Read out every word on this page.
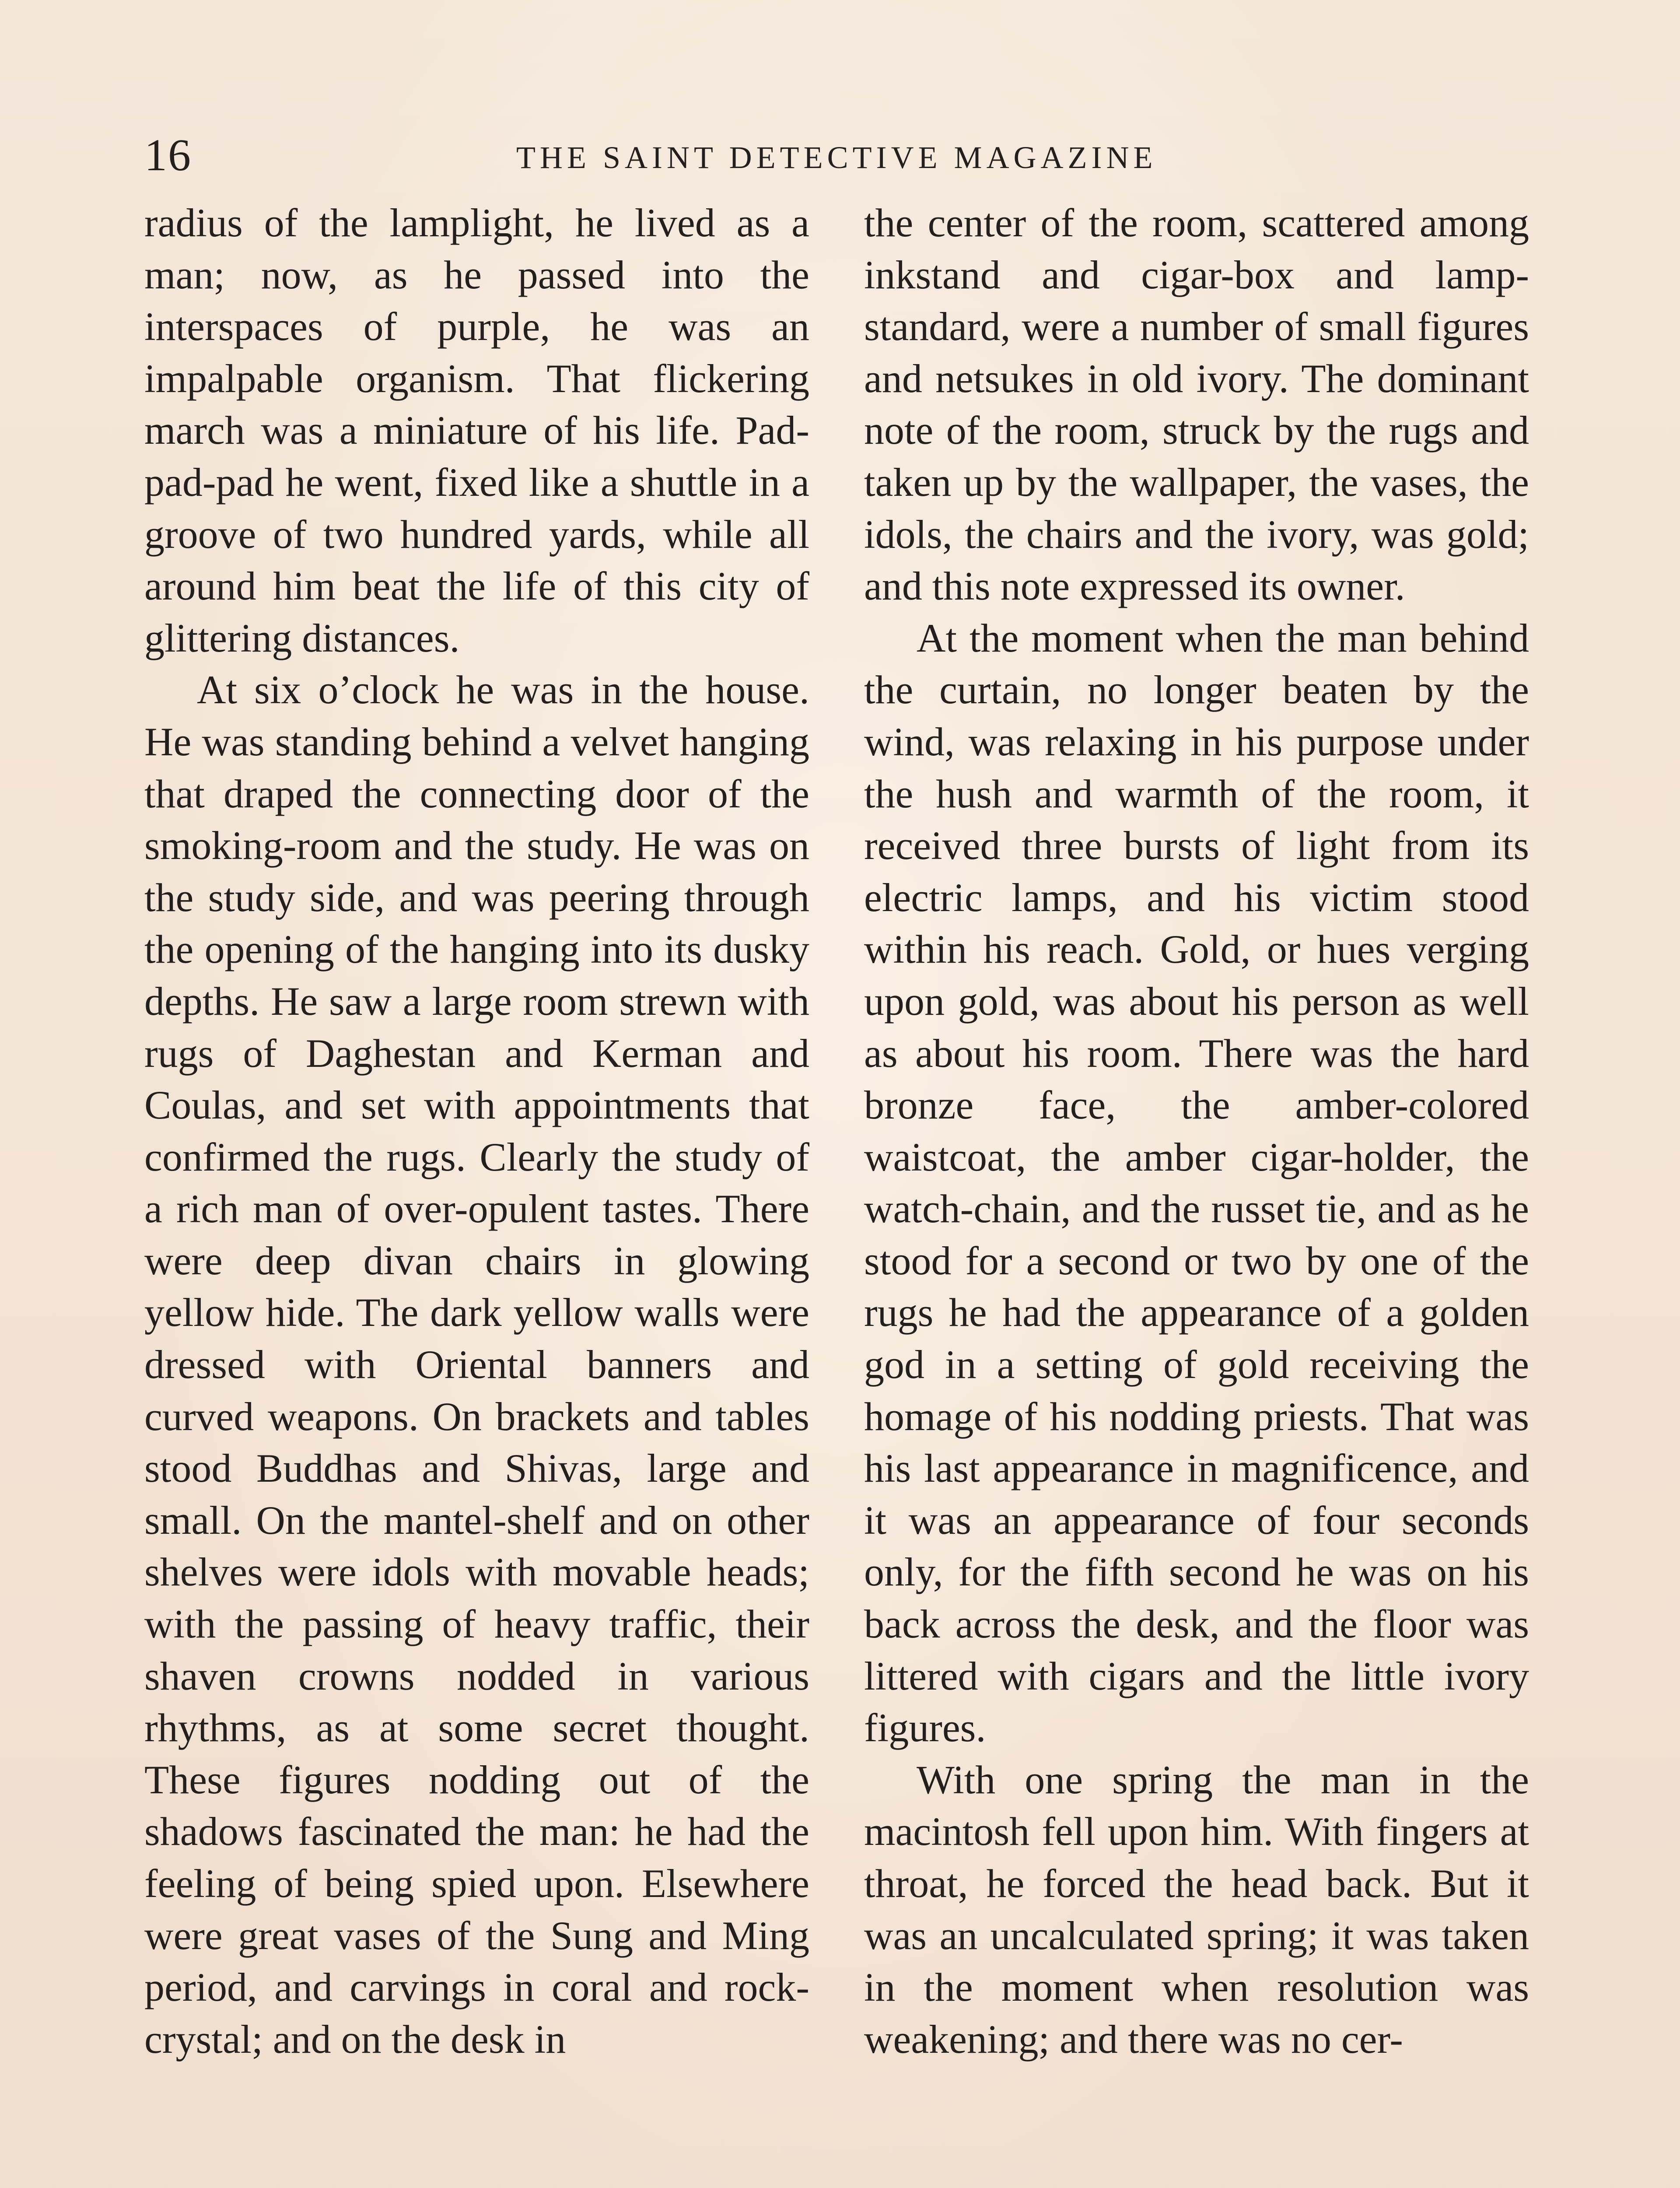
16	THE SAINT DETECTIVE MAGAZINE

radius of the lamplight, he lived as a man; now, as he passed into the interspaces of purple, he was an impalpable organism. That flickering march was a miniature of his life. Pad-pad-pad he went, fixed like a shuttle in a groove of two hundred yards, while all around him beat the life of this city of glittering distances.

At six o’clock he was in the house. He was standing behind a velvet hanging that draped the connecting door of the smoking-room and the study. He was on the study side, and was peering through the opening of the hanging into its dusky depths. He saw a large room strewn with rugs of Daghestan and Kerman and Coulas, and set with appointments that confirmed the rugs. Clearly the study of a rich man of over-opulent tastes. There were deep divan chairs in glowing yellow hide. The dark yellow walls were dressed with Oriental banners and curved weapons. On brackets and tables stood Buddhas and Shivas, large and small. On the mantel-shelf and on other shelves were idols with movable heads; with the passing of heavy traffic, their shaven crowns nodded in various rhythms, as at some secret thought. These figures nodding out of the shadows fascinated the man: he had the feeling of being spied upon. Elsewhere were great vases of the Sung and Ming period, and carvings in coral and rock-crystal; and on the desk in

the center of the room, scattered among inkstand and cigar-box and lamp-standard, were a number of small figures and netsukes in old ivory. The dominant note of the room, struck by the rugs and taken up by the wallpaper, the vases, the idols, the chairs and the ivory, was gold; and this note expressed its owner.

At the moment when the man behind the curtain, no longer beaten by the wind, was relaxing in his purpose under the hush and warmth of the room, it received three bursts of light from its electric lamps, and his victim stood within his reach. Gold, or hues verging upon gold, was about his person as well as about his room. There was the hard bronze face, the amber-colored waistcoat, the amber cigar-holder, the watch-chain, and the russet tie, and as he stood for a second or two by one of the rugs he had the appearance of a golden god in a setting of gold receiving the homage of his nodding priests. That was his last appearance in magnificence, and it was an appearance of four seconds only, for the fifth second he was on his back across the desk, and the floor was littered with cigars and the little ivory figures.

With one spring the man in the macintosh fell upon him. With fingers at throat, he forced the head back. But it was an uncalculated spring; it was taken in the moment when resolution was weakening; and there was no cer-
